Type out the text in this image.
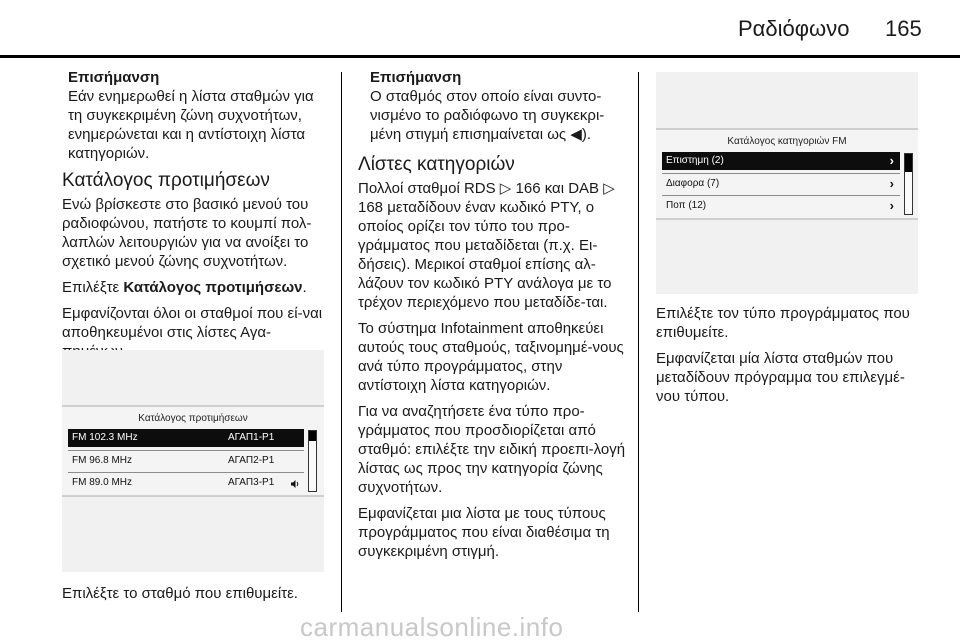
Ραδιόφωνο 165
Επισήμανση

Εάν ενημερωθεί η λίστα σταθμών για τη συγκεκριμένη ζώνη συχνοτήτων, ενημερώνεται και η αντίστοιχη λίστα κατηγοριών.

Κατάλογος προτιμήσεων

Ενώ βρίσκεστε στο βασικό μενού του ραδιοφώνου, πατήστε το κουμπί πολ-λαπλών λειτουργιών για να ανοίξει το σχετικό μενού ζώνης συχνοτήτων.

Επιλέξτε Κατάλογος προτιμήσεων.

Εμφανίζονται όλοι οι σταθμοί που εί-ναι αποθηκευμένοι στις λίστες Αγα-

Κατάλογος προτιμήσεων
FM 102.3 MHz	ΑΓΑΠ1-Ρ1
FM 96.8 MHz	ΑΓΑΠ2-Ρ1
FM 89.0 MHz	ΑΓΑΠ3-Ρ1

Επιλέξτε το σταθμό που επιθυμείτε.

Επισήμανση

Ο σταθμός στον οποίο είναι συντο-νισμένο το ραδιόφωνο τη συγκεκρι-μένη στιγμή επισημαίνεται ως ◀).

Λίστες κατηγοριών

Πολλοί σταθμοί RDS ▷ 166 και DAB ▷ 168 μεταδίδουν έναν κωδικό PTY, ο οποίος ορίζει τον τύπο του προ-γράμματος που μεταδίδεται (π.χ. Ει-δήσεις). Μερικοί σταθμοί επίσης αλ-λάζουν τον κωδικό PTY ανάλογα με το τρέχον περιεχόμενο που μεταδίδε-ται.

Το σύστημα Infotainment αποθηκεύει αυτούς τους σταθμούς, ταξινομημέ-νους ανά τύπο προγράμματος, στην αντίστοιχη λίστα κατηγοριών.

Για να αναζητήσετε ένα τύπο προ-γράμματος που προσδιορίζεται από σταθμό: επιλέξτε την ειδική προεπι-λογή λίστας ως προς την κατηγορία ζώνης συχνοτήτων.

Εμφανίζεται μια λίστα με τους τύπους προγράμματος που είναι διαθέσιμα τη συγκεκριμένη στιγμή.

Κατάλογος κατηγοριών FM
Επιστημη (2)	›
Διαφορα (7)	›
Ποπ (12)	›

Επιλέξτε τον τύπο προγράμματος που επιθυμείτε.

Εμφανίζεται μία λίστα σταθμών που μεταδίδουν πρόγραμμα του επιλεγμέ-νου τύπου.

carmanualsonline.info
